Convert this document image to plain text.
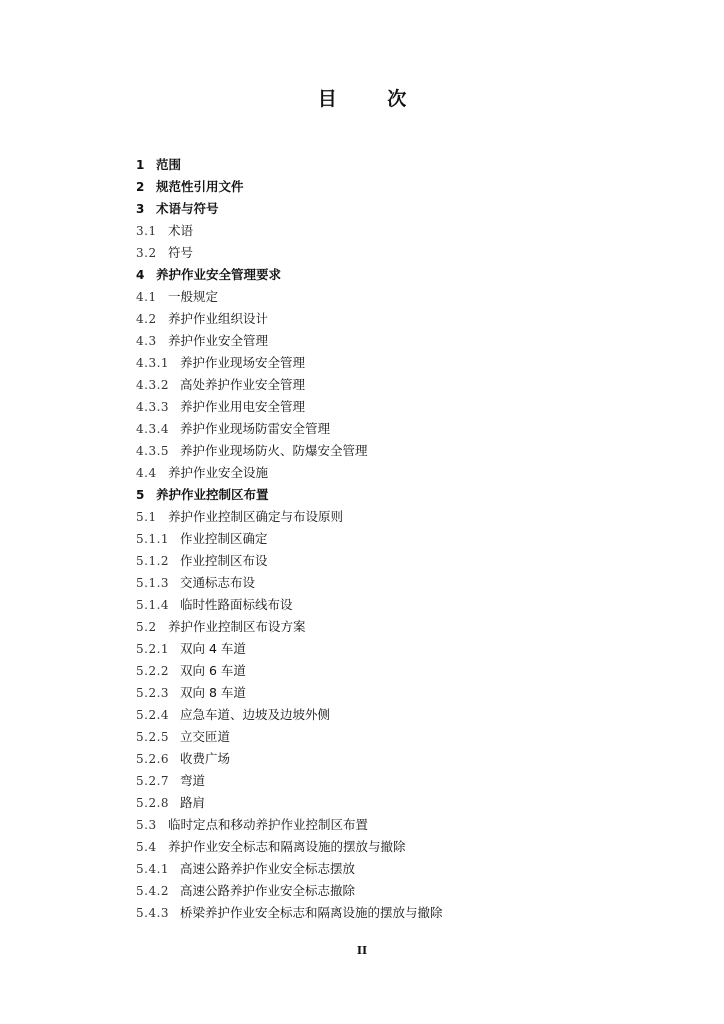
目 次
1 范围
2 规范性引用文件
3 术语与符号
3.1 术语
3.2 符号
4 养护作业安全管理要求
4.1 一般规定
4.2 养护作业组织设计
4.3 养护作业安全管理
4.3.1 养护作业现场安全管理
4.3.2 高处养护作业安全管理
4.3.3 养护作业用电安全管理
4.3.4 养护作业现场防雷安全管理
4.3.5 养护作业现场防火、防爆安全管理
4.4 养护作业安全设施
5 养护作业控制区布置
5.1 养护作业控制区确定与布设原则
5.1.1 作业控制区确定
5.1.2 作业控制区布设
5.1.3 交通标志布设
5.1.4 临时性路面标线布设
5.2 养护作业控制区布设方案
5.2.1 双向 4 车道
5.2.2 双向 6 车道
5.2.3 双向 8 车道
5.2.4 应急车道、边坡及边坡外侧
5.2.5 立交匝道
5.2.6 收费广场
5.2.7 弯道
5.2.8 路肩
5.3 临时定点和移动养护作业控制区布置
5.4 养护作业安全标志和隔离设施的摆放与撤除
5.4.1 高速公路养护作业安全标志摆放
5.4.2 高速公路养护作业安全标志撤除
5.4.3 桥梁养护作业安全标志和隔离设施的摆放与撤除
II
